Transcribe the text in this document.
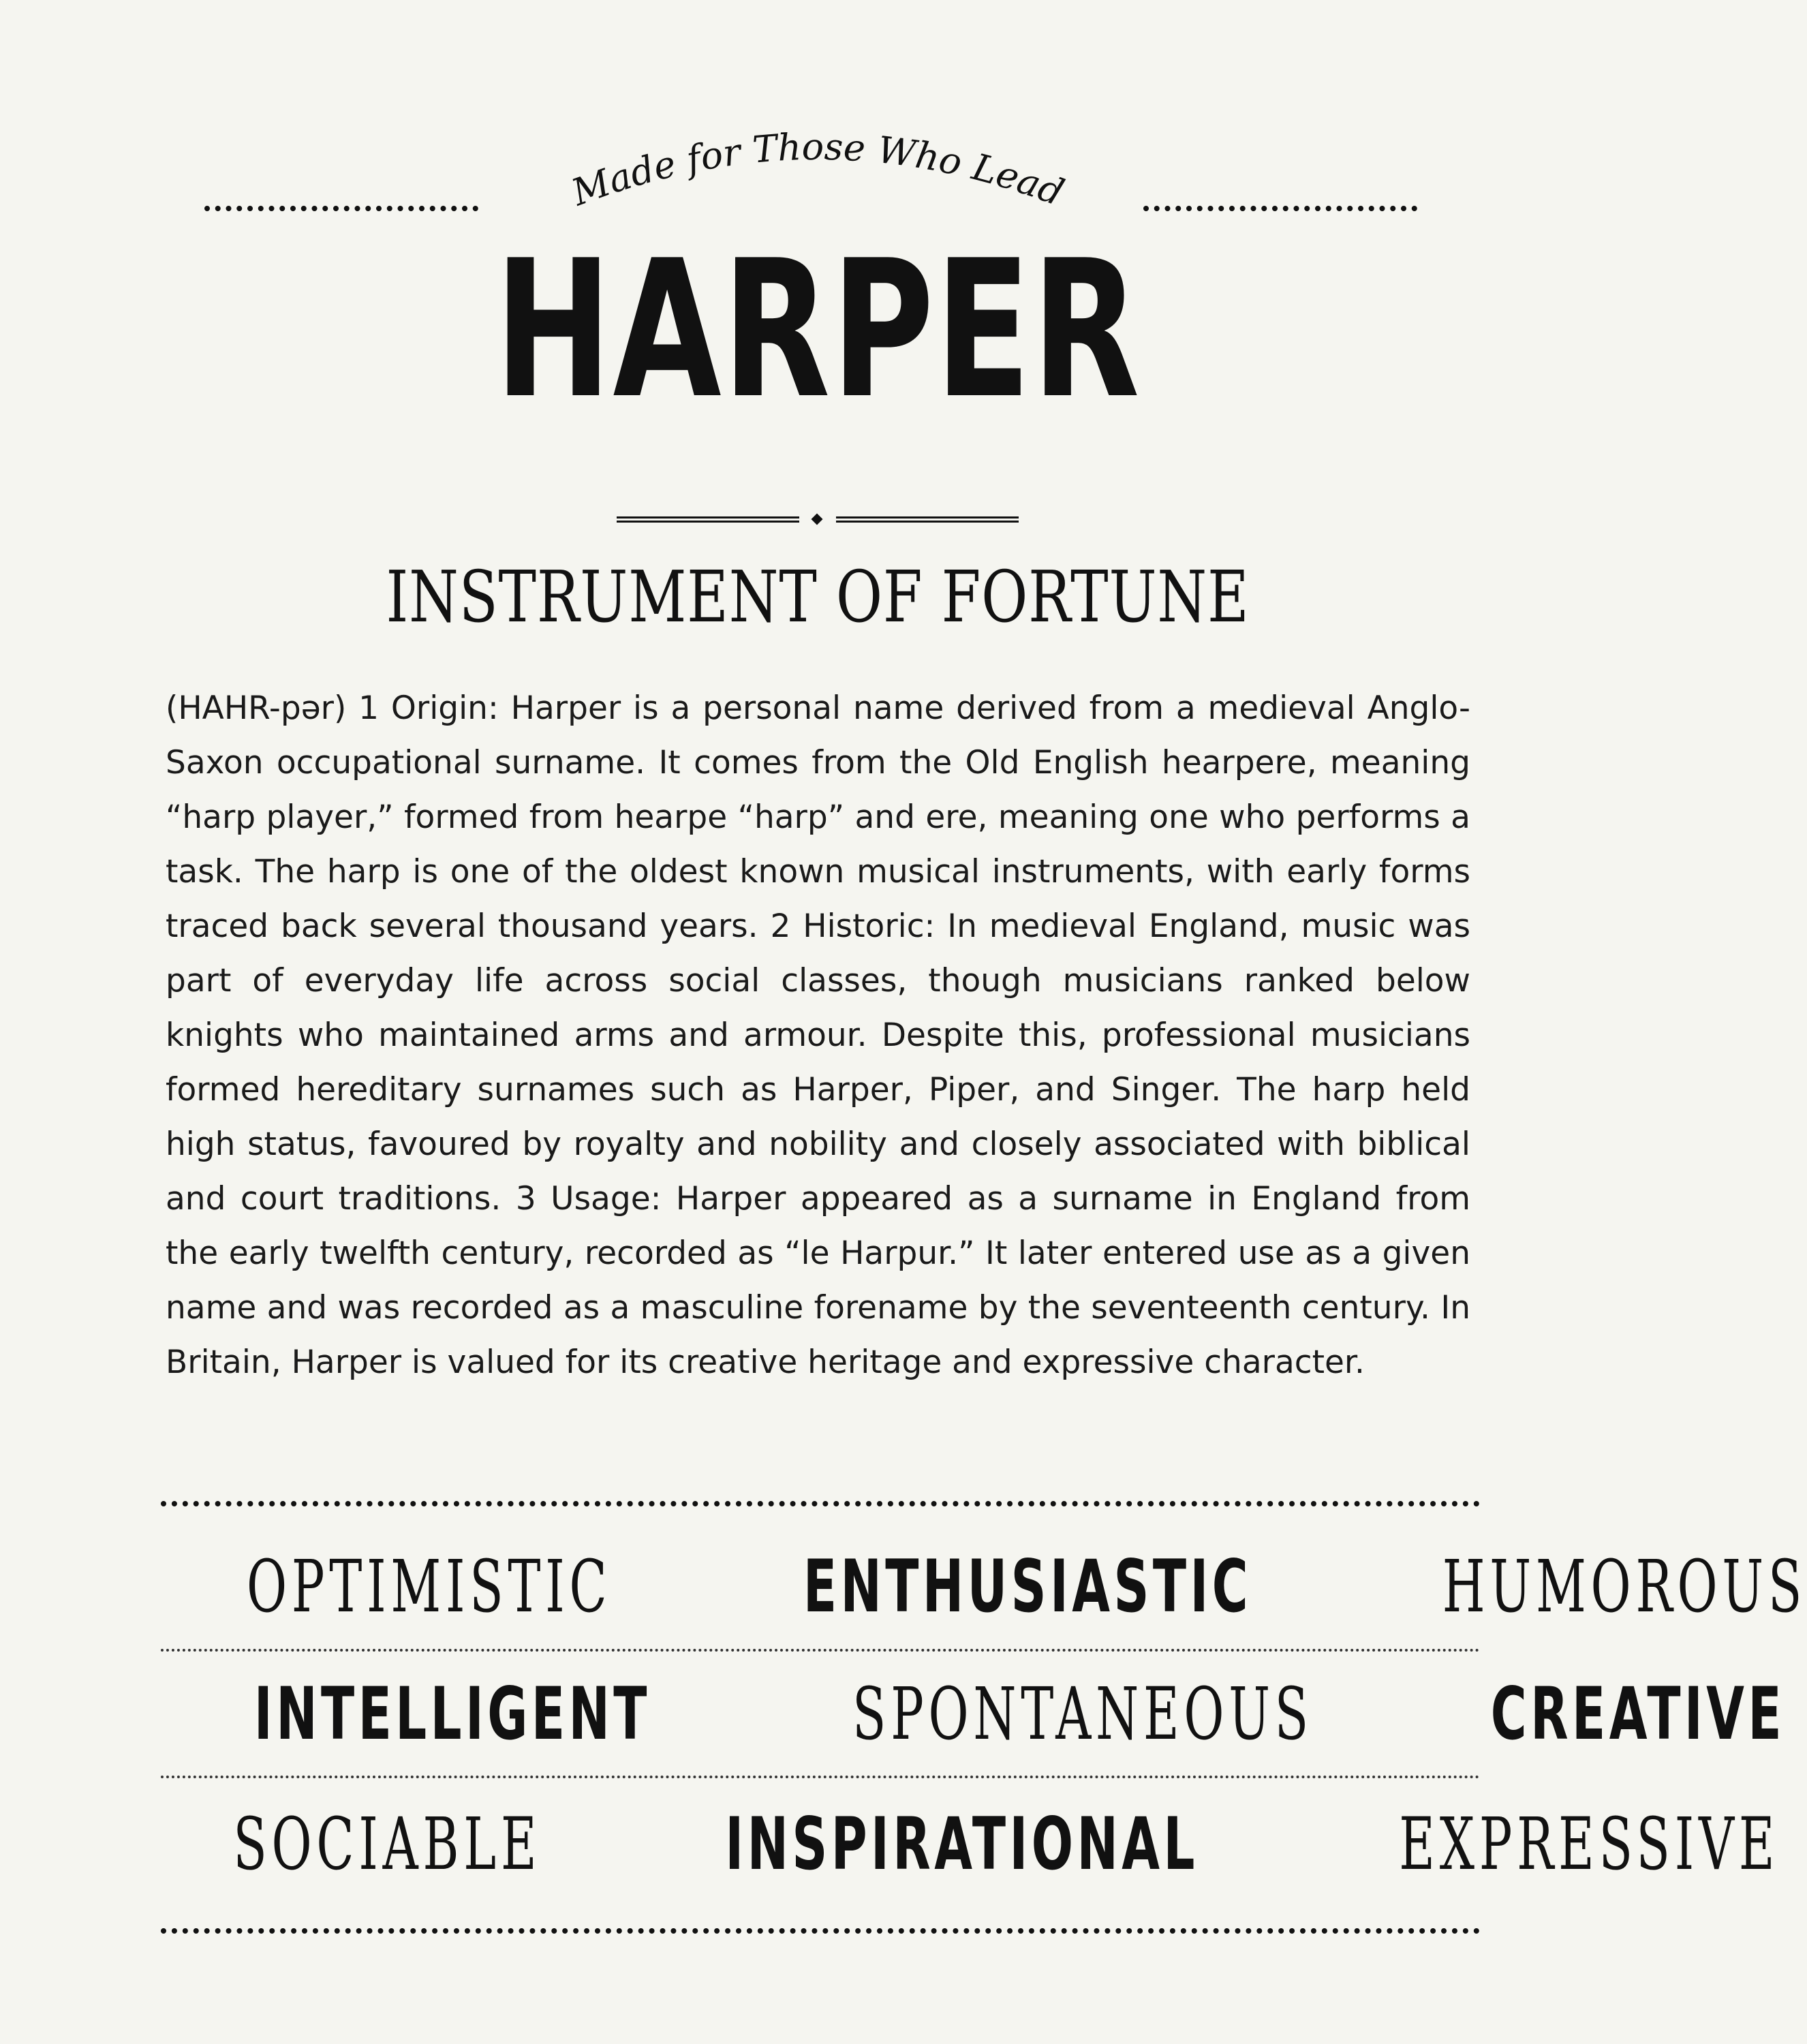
Made for Those Who Lead
HARPER
INSTRUMENT OF FORTUNE
(HAHR-pər) 1 Origin: Harper is a personal name derived from a medieval Anglo-Saxon occupational surname. It comes from the Old English hearpere, meaning “harp player,” formed from hearpe “harp” and ere, meaning one who performs a task. The harp is one of the oldest known musical instruments, with early forms traced back several thousand years. 2 Historic: In medieval England, music was part of everyday life across social classes, though musicians ranked below knights who maintained arms and armour. Despite this, professional musicians formed hereditary surnames such as Harper, Piper, and Singer. The harp held high status, favoured by royalty and nobility and closely associated with biblical and court traditions. 3 Usage: Harper appeared as a surname in England from the early twelfth century, recorded as “le Harpur.” It later entered use as a given name and was recorded as a masculine forename by the seventeenth century. In Britain, Harper is valued for its creative heritage and expressive character.
OPTIMISTIC	ENTHUSIASTIC	HUMOROUS
INTELLIGENT	SPONTANEOUS CREATIVE
SOCIABLE	INSPIRATIONAL	EXPRESSIVE
